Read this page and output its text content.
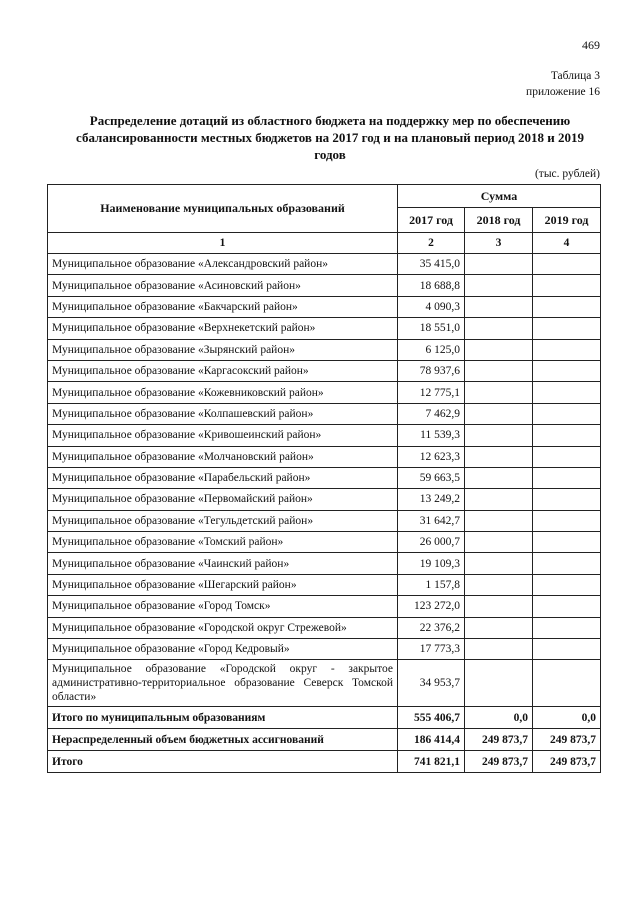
469
Таблица 3
приложение 16
Распределение дотаций из областного бюджета на поддержку мер по обеспечению сбалансированности местных бюджетов на 2017 год и на плановый период 2018 и 2019 годов
(тыс. рублей)
Наименование муниципальных образований	Сумма		
	2017 год	2018 год	2019 год
1	2	3	4
Муниципальное образование «Александровский район»	35 415,0		
Муниципальное образование «Асиновский район»	18 688,8		
Муниципальное образование «Бакчарский район»	4 090,3		
Муниципальное образование «Верхнекетский район»	18 551,0		
Муниципальное образование «Зырянский район»	6 125,0		
Муниципальное образование «Каргасокский район»	78 937,6		
Муниципальное образование «Кожевниковский район»	12 775,1		
Муниципальное образование «Колпашевский район»	7 462,9		
Муниципальное образование «Кривошеинский район»	11 539,3		
Муниципальное образование «Молчановский район»	12 623,3		
Муниципальное образование «Парабельский район»	59 663,5		
Муниципальное образование «Первомайский район»	13 249,2		
Муниципальное образование «Тегульдетский район»	31 642,7		
Муниципальное образование «Томский район»	26 000,7		
Муниципальное образование «Чаинский район»	19 109,3		
Муниципальное образование «Шегарский район»	1 157,8		
Муниципальное образование «Город Томск»	123 272,0		
Муниципальное образование «Городской округ Стрежевой»	22 376,2		
Муниципальное образование «Город Кедровый»	17 773,3		
Муниципальное образование «Городской округ - закрытое административно-территориальное образование Северск Томской области»	34 953,7		
Итого по муниципальным образованиям	555 406,7	0,0	0,0
Нераспределенный объем бюджетных ассигнований	186 414,4	249 873,7	249 873,7
Итого	741 821,1	249 873,7	249 873,7
